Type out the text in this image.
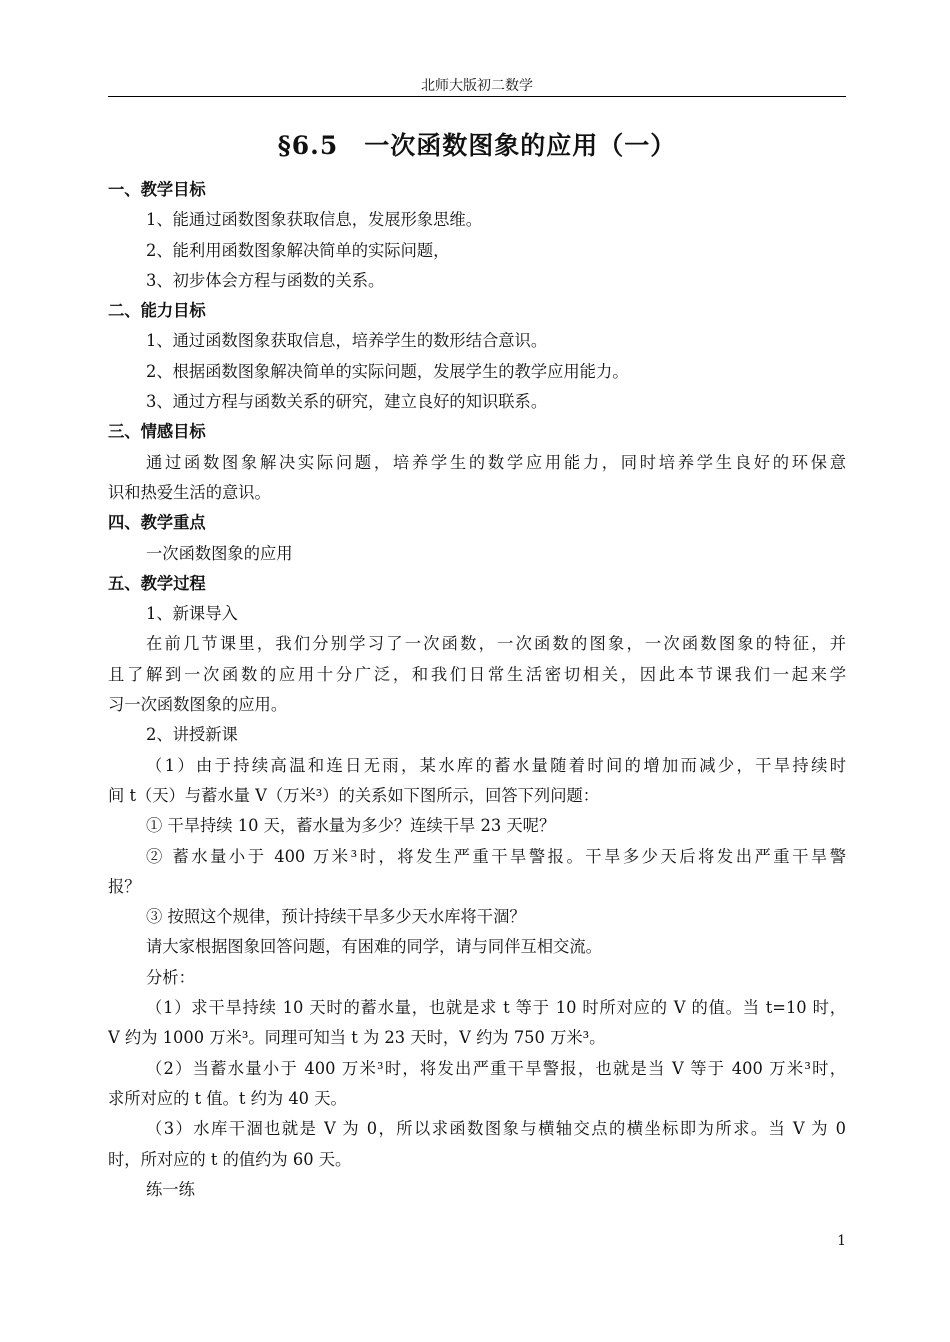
北师大版初二数学
§6.5　一次函数图象的应用（一）
一、教学目标
1、能通过函数图象获取信息，发展形象思维。
2、能利用函数图象解决简单的实际问题，
3、初步体会方程与函数的关系。
二、能力目标
1、通过函数图象获取信息，培养学生的数形结合意识。
2、根据函数图象解决简单的实际问题，发展学生的教学应用能力。
3、通过方程与函数关系的研究，建立良好的知识联系。
三、情感目标
通过函数图象解决实际问题，培养学生的数学应用能力，同时培养学生良好的环保意
识和热爱生活的意识。
四、教学重点
一次函数图象的应用
五、教学过程
1、新课导入
在前几节课里，我们分别学习了一次函数，一次函数的图象，一次函数图象的特征，并
且了解到一次函数的应用十分广泛，和我们日常生活密切相关，因此本节课我们一起来学
习一次函数图象的应用。
2、讲授新课
（1）由于持续高温和连日无雨，某水库的蓄水量随着时间的增加而减少，干旱持续时
间 t（天）与蓄水量 V（万米³）的关系如下图所示，回答下列问题：
① 干旱持续 10 天，蓄水量为多少？连续干旱 23 天呢？
② 蓄水量小于 400 万米³时，将发生严重干旱警报。干旱多少天后将发出严重干旱警
报？
③ 按照这个规律，预计持续干旱多少天水库将干涸？
请大家根据图象回答问题，有困难的同学，请与同伴互相交流。
分析：
（1）求干旱持续 10 天时的蓄水量，也就是求 t 等于 10 时所对应的 V 的值。当 t=10 时，
V 约为 1000 万米³。同理可知当 t 为 23 天时，V 约为 750 万米³。
（2）当蓄水量小于 400 万米³时，将发出严重干旱警报，也就是当 V 等于 400 万米³时，
求所对应的 t 值。t 约为 40 天。
（3）水库干涸也就是 V 为 0，所以求函数图象与横轴交点的横坐标即为所求。当 V 为 0
时，所对应的 t 的值约为 60 天。
练一练
1
